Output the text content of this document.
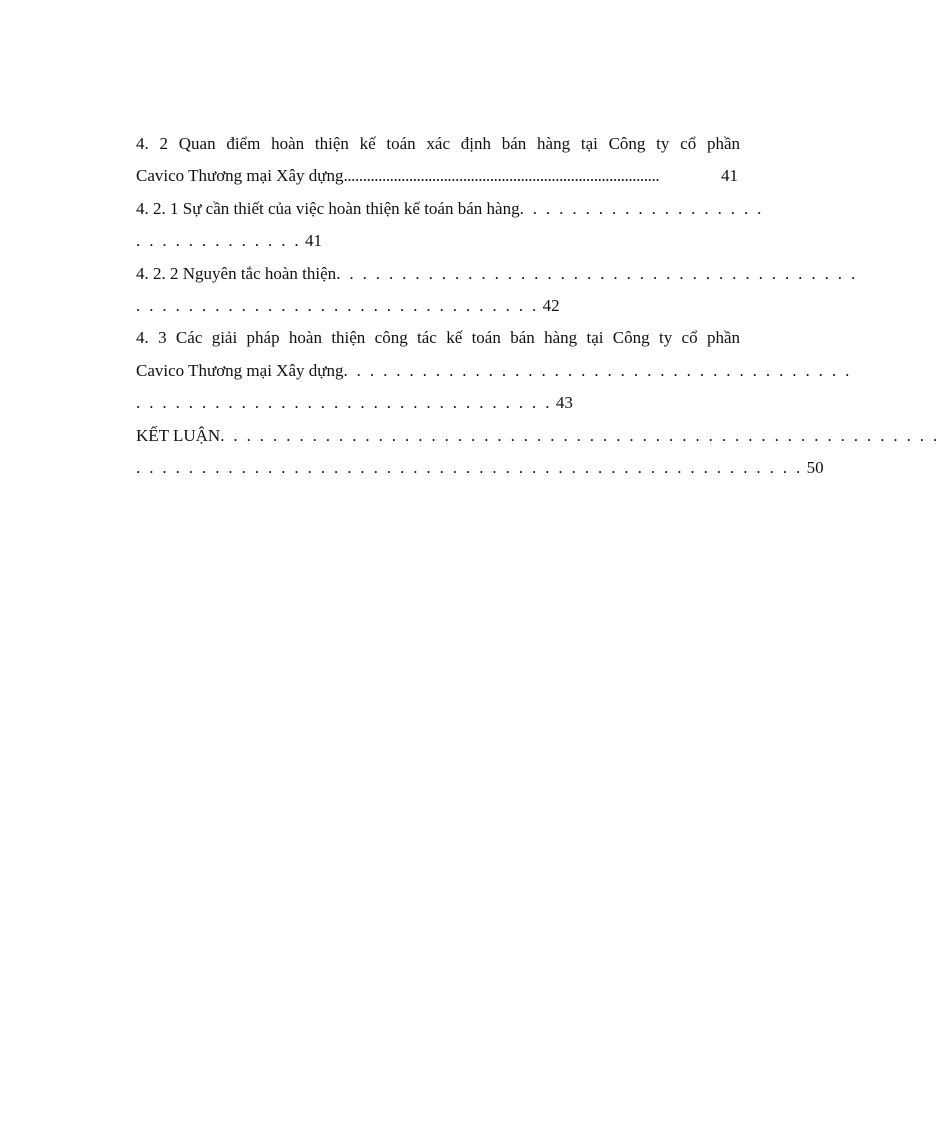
4. 2 Quan điểm hoàn thiện kế toán xác định bán hàng tại Công ty cổ phần
Cavico Thương mại Xây dựng ..................................................................................	41
4. 2. 1 Sự cần thiết của việc hoàn thiện kế toán bán hàng . . . . . . . . . . . . . . . . . . .
. . . . . . . . . . . . . 41
4. 2. 2 Nguyên tắc hoàn thiện . . . . . . . . . . . . . . . . . . . . . . . . . . . . . . . . . . . . . . . .
. . . . . . . . . . . . . . . . . . . . . . . . . . . . . . . 42
4. 3 Các giải pháp hoàn thiện công tác kế toán bán hàng tại Công ty cổ phần
Cavico Thương mại Xây dựng . . . . . . . . . . . . . . . . . . . . . . . . . . . . . . . . . . . . . . .
. . . . . . . . . . . . . . . . . . . . . . . . . . . . . . . . 43
KẾT LUẬN . . . . . . . . . . . . . . . . . . . . . . . . . . . . . . . . . . . . . . . . . . . . . . . . . . . . . . .
. . . . . . . . . . . . . . . . . . . . . . . . . . . . . . . . . . . . . . . . . . . . . . . . . . . 50
